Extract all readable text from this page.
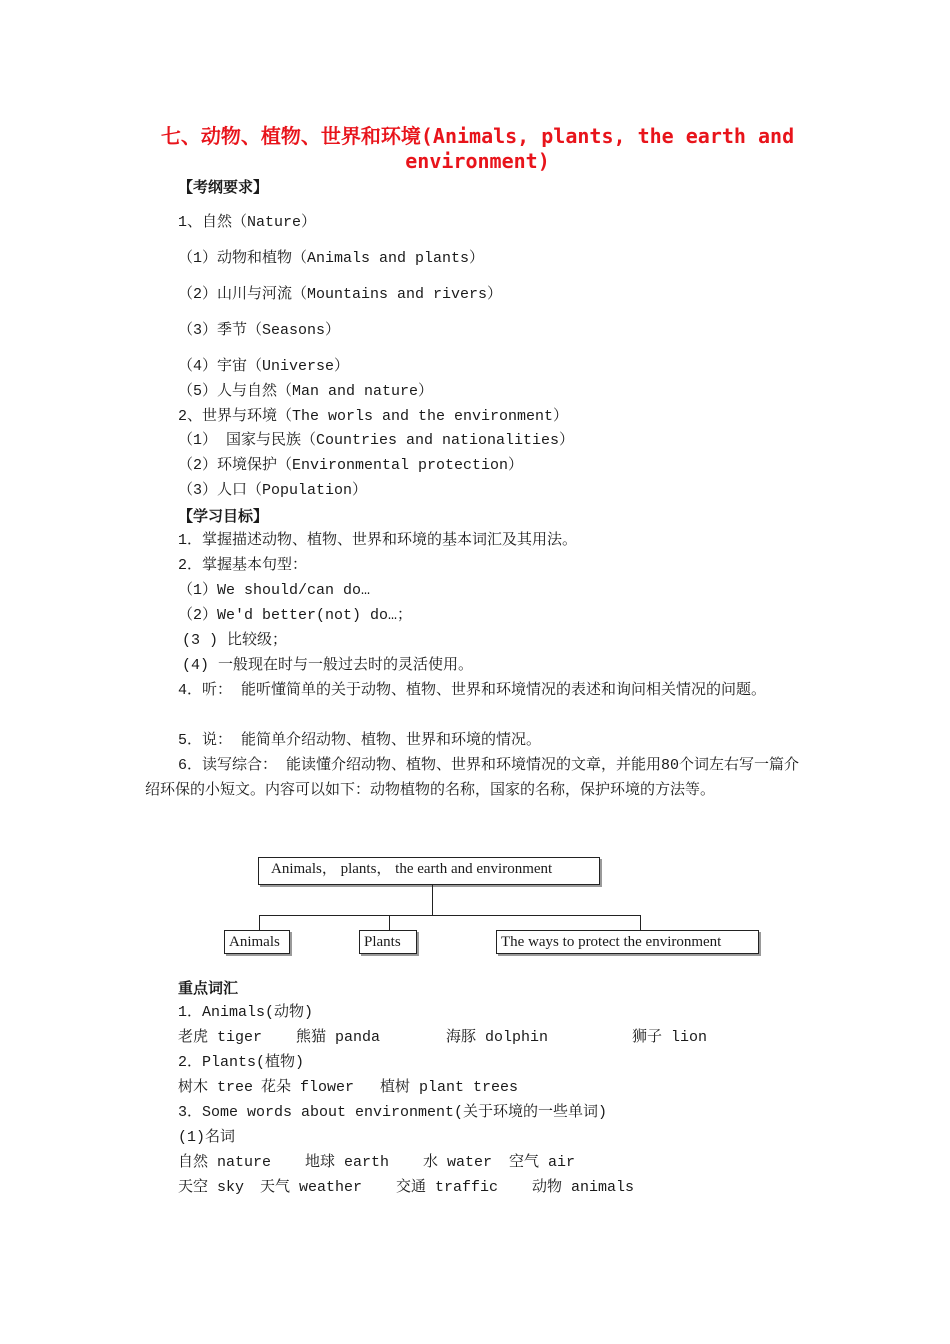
七、动物、植物、世界和环境(Animals, plants, the earth and
environment)
【考纲要求】
1、自然（Nature）
（1）动物和植物（Animals and plants）
（2）山川与河流（Mountains and rivers）
（3）季节（Seasons）
（4）宇宙（Universe）
（5）人与自然（Man and nature）
2、世界与环境（The worls and the environment）
（1） 国家与民族（Countries and nationalities）
（2）环境保护（Environmental protection）
（3）人口（Population）
【学习目标】
1．掌握描述动物、植物、世界和环境的基本词汇及其用法。
2．掌握基本句型：
（1）We should/can do…
（2）We'd better(not) do…；
(3 ) 比较级；
(4) 一般现在时与一般过去时的灵活使用。
4．听： 能听懂简单的关于动物、植物、世界和环境情况的表述和询问相关情况的问题。
5．说： 能简单介绍动物、植物、世界和环境的情况。
6．读写综合： 能读懂介绍动物、植物、世界和环境情况的文章，并能用80个词左右写一篇介绍环保的小短文。内容可以如下：动物植物的名称，国家的名称，保护环境的方法等。
Animals， plants， the earth and environment
Animals	Plants	The ways to protect the environment
重点词汇
1．Animals(动物)
老虎 tiger 熊猫 panda	海豚 dolphin	狮子 lion
2．Plants(植物)
树木 tree 花朵 flower 植树 plant trees
3．Some words about environment(关于环境的一些单词)
(1)名词
自然 nature 地球 earth 水 water 空气 air
天空 sky 天气 weather 交通 traffic 动物 animals
